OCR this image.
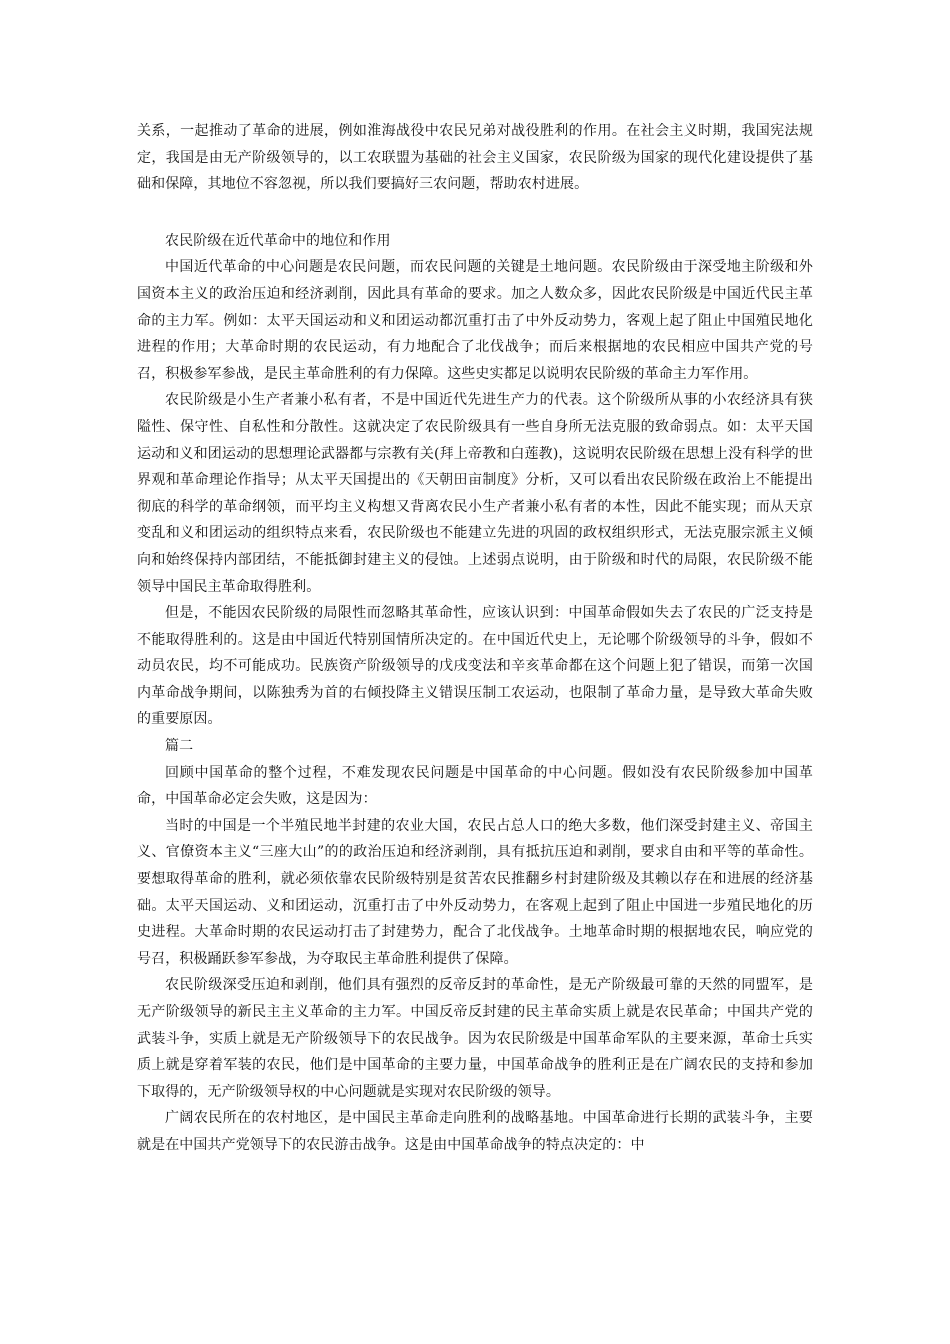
关系，一起推动了革命的进展，例如淮海战役中农民兄弟对战役胜利的作用。在社会主义时期，我国宪法规定，我国是由无产阶级领导的，以工农联盟为基础的社会主义国家，农民阶级为国家的现代化建设提供了基础和保障，其地位不容忽视，所以我们要搞好三农问题，帮助农村进展。

农民阶级在近代革命中的地位和作用

中国近代革命的中心问题是农民问题，而农民问题的关键是土地问题。农民阶级由于深受地主阶级和外国资本主义的政治压迫和经济剥削，因此具有革命的要求。加之人数众多，因此农民阶级是中国近代民主革命的主力军。例如：太平天国运动和义和团运动都沉重打击了中外反动势力，客观上起了阻止中国殖民地化进程的作用；大革命时期的农民运动，有力地配合了北伐战争；而后来根据地的农民相应中国共产党的号召，积极参军参战，是民主革命胜利的有力保障。这些史实都足以说明农民阶级的革命主力军作用。

农民阶级是小生产者兼小私有者，不是中国近代先进生产力的代表。这个阶级所从事的小农经济具有狭隘性、保守性、自私性和分散性。这就决定了农民阶级具有一些自身所无法克服的致命弱点。如：太平天国运动和义和团运动的思想理论武器都与宗教有关(拜上帝教和白莲教)，这说明农民阶级在思想上没有科学的世界观和革命理论作指导；从太平天国提出的《天朝田亩制度》分析，又可以看出农民阶级在政治上不能提出彻底的科学的革命纲领，而平均主义构想又背离农民小生产者兼小私有者的本性，因此不能实现；而从天京变乱和义和团运动的组织特点来看，农民阶级也不能建立先进的巩固的政权组织形式，无法克服宗派主义倾向和始终保持内部团结，不能抵御封建主义的侵蚀。上述弱点说明，由于阶级和时代的局限，农民阶级不能领导中国民主革命取得胜利。

但是，不能因农民阶级的局限性而忽略其革命性，应该认识到：中国革命假如失去了农民的广泛支持是不能取得胜利的。这是由中国近代特别国情所决定的。在中国近代史上，无论哪个阶级领导的斗争，假如不动员农民，均不可能成功。民族资产阶级领导的戊戌变法和辛亥革命都在这个问题上犯了错误，而第一次国内革命战争期间，以陈独秀为首的右倾投降主义错误压制工农运动，也限制了革命力量，是导致大革命失败的重要原因。

篇二

回顾中国革命的整个过程，不难发现农民问题是中国革命的中心问题。假如没有农民阶级参加中国革命，中国革命必定会失败，这是因为：

当时的中国是一个半殖民地半封建的农业大国，农民占总人口的绝大多数，他们深受封建主义、帝国主义、官僚资本主义“三座大山”的的政治压迫和经济剥削，具有抵抗压迫和剥削，要求自由和平等的革命性。要想取得革命的胜利，就必须依靠农民阶级特别是贫苦农民推翻乡村封建阶级及其赖以存在和进展的经济基础。太平天国运动、义和团运动，沉重打击了中外反动势力，在客观上起到了阻止中国进一步殖民地化的历史进程。大革命时期的农民运动打击了封建势力，配合了北伐战争。土地革命时期的根据地农民，响应党的号召，积极踊跃参军参战，为夺取民主革命胜利提供了保障。

农民阶级深受压迫和剥削，他们具有强烈的反帝反封的革命性，是无产阶级最可靠的天然的同盟军，是无产阶级领导的新民主主义革命的主力军。中国反帝反封建的民主革命实质上就是农民革命；中国共产党的武装斗争，实质上就是无产阶级领导下的农民战争。因为农民阶级是中国革命军队的主要来源，革命士兵实质上就是穿着军装的农民，他们是中国革命的主要力量，中国革命战争的胜利正是在广阔农民的支持和参加下取得的，无产阶级领导权的中心问题就是实现对农民阶级的领导。

广阔农民所在的农村地区，是中国民主革命走向胜利的战略基地。中国革命进行长期的武装斗争，主要就是在中国共产党领导下的农民游击战争。这是由中国革命战争的特点决定的：中
